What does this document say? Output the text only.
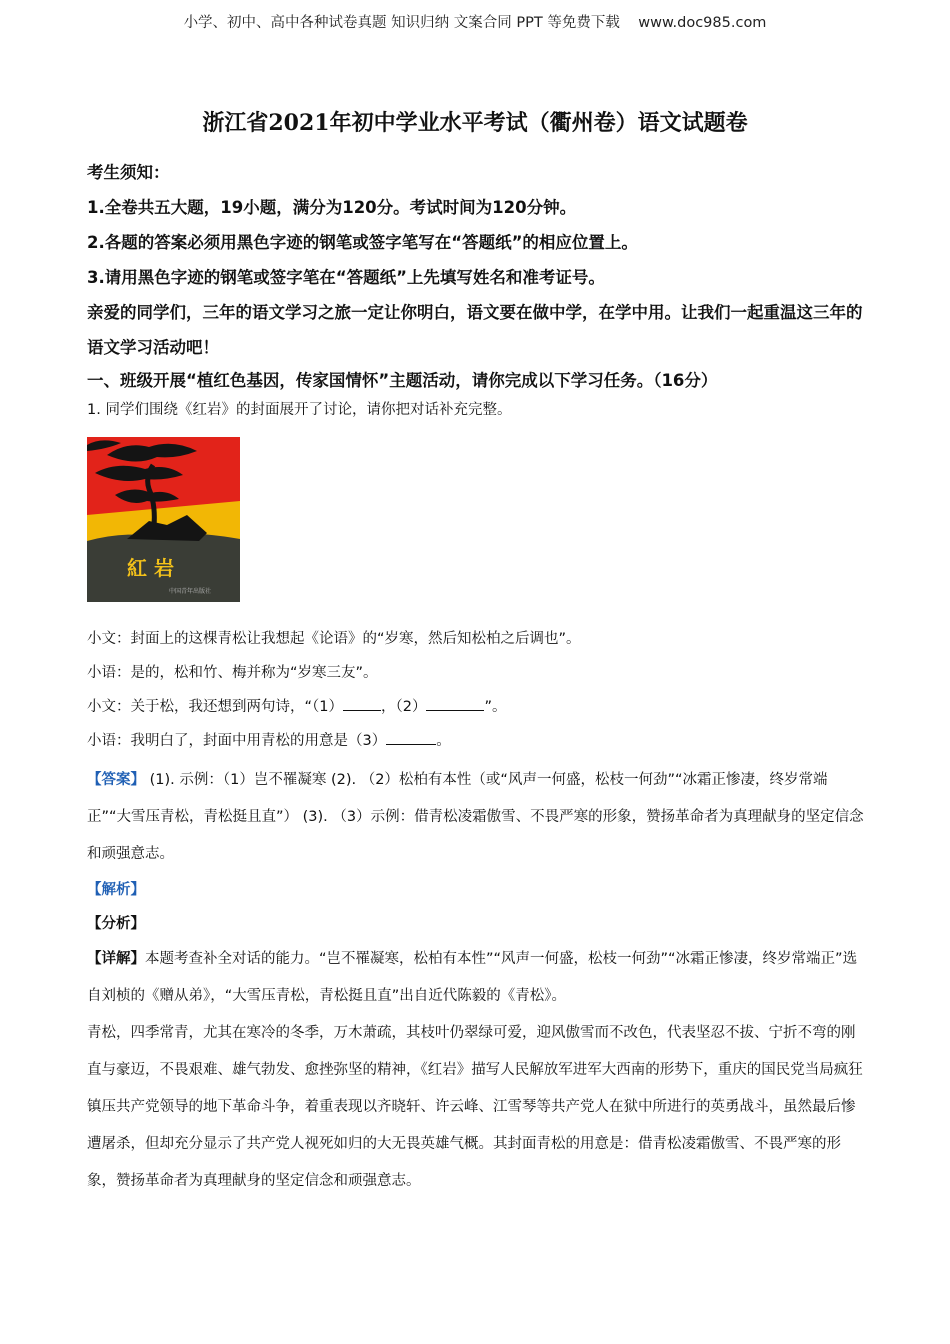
小学、初中、高中各种试卷真题 知识归纳 文案合同 PPT 等免费下载    www.doc985.com
浙江省2021年初中学业水平考试（衢州卷）语文试题卷

考生须知：

1.全卷共五大题，19小题，满分为120分。考试时间为120分钟。

2.各题的答案必须用黑色字迹的钢笔或签字笔写在“答题纸”的相应位置上。

3.请用黑色字迹的钢笔或签字笔在“答题纸”上先填写姓名和准考证号。

亲爱的同学们，三年的语文学习之旅一定让你明白，语文要在做中学，在学中用。让我们一起重温这三年的语文学习活动吧！

一、班级开展“植红色基因，传家国情怀”主题活动，请你完成以下学习任务。（16分）

1. 同学们围绕《红岩》的封面展开了讨论，请你把对话补充完整。

紅 岩
中国青年出版社

小文：封面上的这棵青松让我想起《论语》的“岁寒，然后知松柏之后调也”。

小语：是的，松和竹、梅并称为“岁寒三友”。

小文：关于松，我还想到两句诗，“（1）	，（2）	”。

小语：我明白了，封面中用青松的用意是（3）	。

【答案】 (1). 示例：（1）岂不罹凝寒 (2). （2）松柏有本性（或“风声一何盛，松枝一何劲”“冰霜正惨凄，终岁常端正”“大雪压青松，青松挺且直”） (3). （3）示例：借青松凌霜傲雪、不畏严寒的形象，赞扬革命者为真理献身的坚定信念和顽强意志。

【解析】

【分析】

【详解】本题考查补全对话的能力。“岂不罹凝寒，松柏有本性”“风声一何盛，松枝一何劲”“冰霜正惨凄，终岁常端正”选自刘桢的《赠从弟》，“大雪压青松，青松挺且直”出自近代陈毅的《青松》。

青松，四季常青，尤其在寒冷的冬季，万木萧疏，其枝叶仍翠绿可爱，迎风傲雪而不改色，代表坚忍不拔、宁折不弯的刚直与豪迈，不畏艰难、雄气勃发、愈挫弥坚的精神，《红岩》描写人民解放军进军大西南的形势下，重庆的国民党当局疯狂镇压共产党领导的地下革命斗争，着重表现以齐晓轩、许云峰、江雪琴等共产党人在狱中所进行的英勇战斗，虽然最后惨遭屠杀，但却充分显示了共产党人视死如归的大无畏英雄气概。其封面青松的用意是：借青松凌霜傲雪、不畏严寒的形象，赞扬革命者为真理献身的坚定信念和顽强意志。
